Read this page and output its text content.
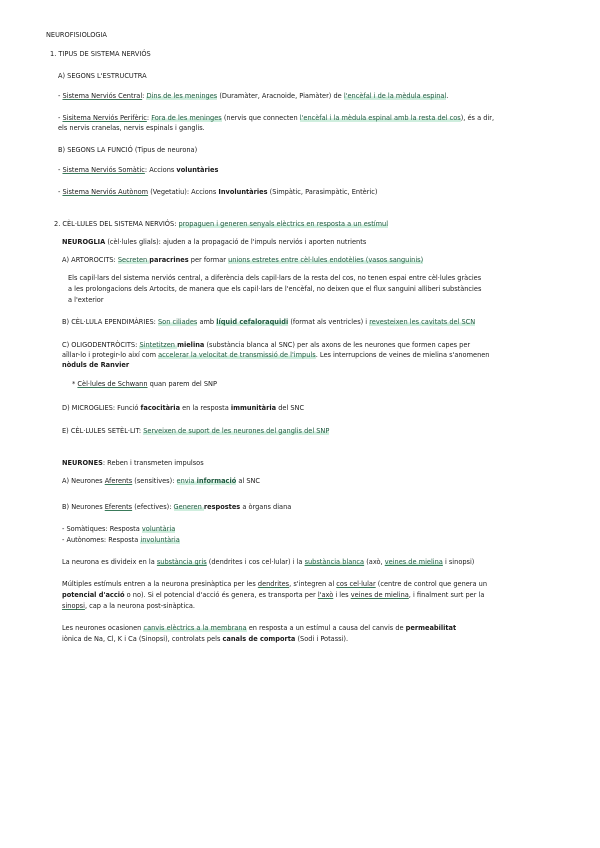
NEUROFISIOLOGIA
1. TIPUS DE SISTEMA NERVIÓS
A) SEGONS L'ESTRUCUTRA
- Sistema Nerviós Central: Dins de les meninges (Duramàter, Aracnoide, Piamàter) de l'encèfal i de la mèdula espinal.
- Sisitema Nerviós Perifèric: Fora de les meninges (nervis que connecten l'encèfal i la mèdula espinal amb la resta del cos), és a dir,
els nervis cranelas, nervis espinals i ganglis.
B) SEGONS LA FUNCIÓ (Tipus de neurona)
- Sistema Nerviós Somàtic: Accions voluntàries
- Sistema Nerviós Autònom (Vegetatiu): Accions Involuntàries (Simpàtic, Parasimpàtic, Entèric)
2. CÈL·LULES DEL SISTEMA NERVIÓS: propaguen i generen senyals elèctrics en resposta a un estímul
NEUROGLIA (cèl·lules glials): ajuden a la propagació de l'impuls nerviós i aporten nutrients
A) ARTOROCITS: Secreten paracrines per formar unions estretes entre cèl·lules endotèlies (vasos sanguinis)
Els capil·lars del sistema nerviós central, a diferència dels capil·lars de la resta del cos, no tenen espai entre cèl·lules gràcies
a les prolongacions dels Artocits, de manera que els capil·lars de l'encèfal, no deixen que el flux sanguini alliberi substàncies
a l'exterior
B) CÈL·LULA EPENDIMÀRIES: Son ciliades amb líquid cefaloraquidi (format als ventricles) i revesteixen les cavitats del SCN
C) OLIGODENTRÒCITS: Sintetitzen mielina (substància blanca al SNC) per als axons de les neurones que formen capes per
aïllar-lo i protegir-lo així com accelerar la velocitat de transmissió de l'impuls. Les interrupcions de veines de mielina s'anomenen
nòduls de Ranvier
* Cèl·lules de Schwann quan parem del SNP
D) MICROGLIES: Funció facocitària en la resposta immunitària del SNC
E) CÈL·LULES SETÈL·LIT: Serveixen de suport de les neurones del ganglis del SNP
NEURONES: Reben i transmeten impulsos
A) Neurones Aferents (sensitives): envia informació al SNC
B) Neurones Eferents (efectives): Generen respostes a òrgans diana
- Somàtiques: Resposta voluntària
- Autònomes: Resposta involuntària
La neurona es divideix en la substància gris (dendrites i cos cel·lular) i la substància blanca (axò, veines de mielina i sinopsi)
Múltiples estímuls entren a la neurona presinàptica per les dendrites, s'integren al cos cel·lular (centre de control que genera un
potencial d'acció o no). Si el potencial d'acció és genera, es transporta per l'axò i les veines de mielina, i finalment surt per la
sinopsi, cap a la neurona post-sinàptica.
Les neurones ocasionen canvis elèctrics a la membrana en resposta a un estímul a causa del canvis de permeabilitat
iònica de Na, Cl, K i Ca (Sinopsi), controlats pels canals de comporta (Sodi i Potassi).
